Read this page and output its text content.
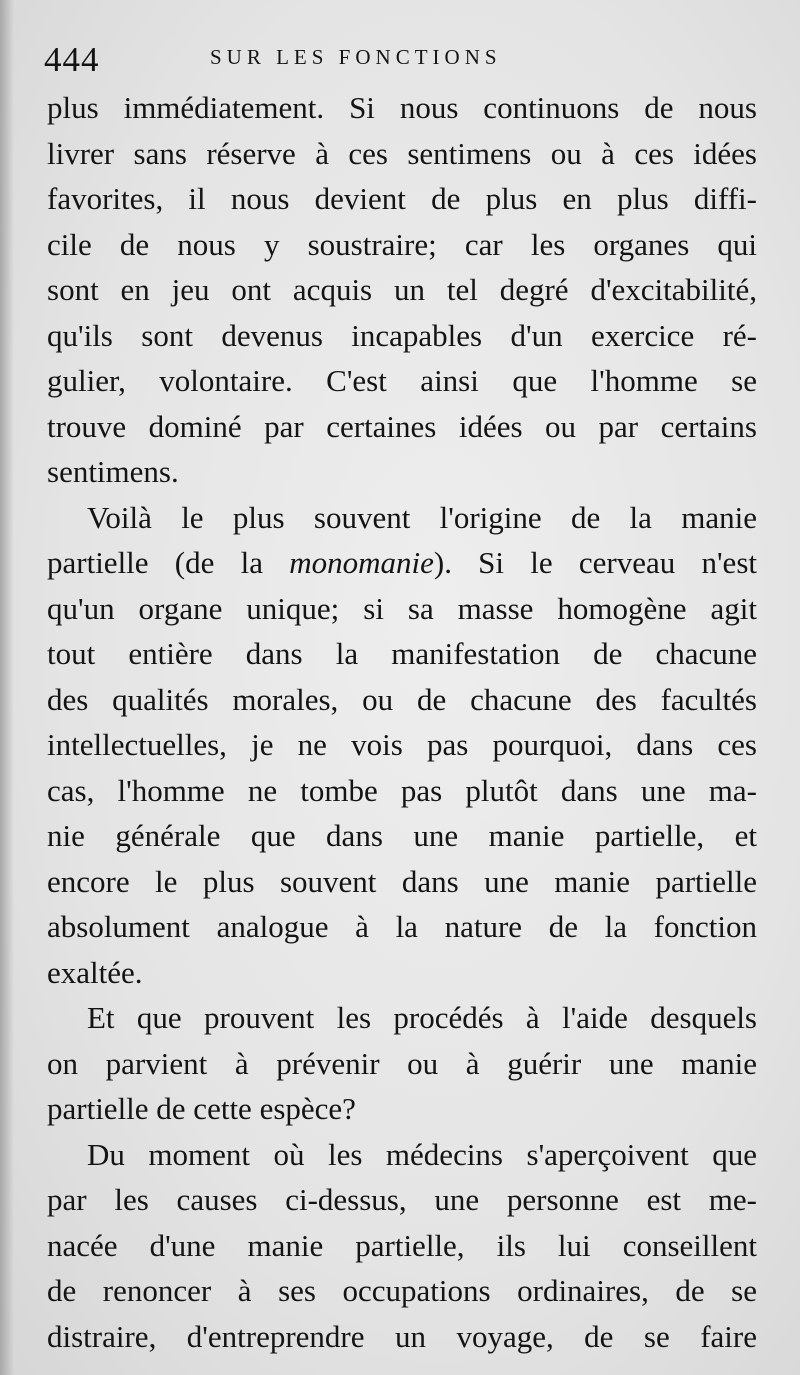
444	SUR LES FONCTIONS
plus immédiatement. Si nous continuons de nous
livrer sans réserve à ces sentimens ou à ces idées
favorites, il nous devient de plus en plus diffi-
cile de nous y soustraire; car les organes qui
sont en jeu ont acquis un tel degré d'excitabilité,
qu'ils sont devenus incapables d'un exercice ré-
gulier, volontaire. C'est ainsi que l'homme se
trouve dominé par certaines idées ou par certains
sentimens.
Voilà le plus souvent l'origine de la manie
partielle (de la monomanie). Si le cerveau n'est
qu'un organe unique; si sa masse homogène agit
tout entière dans la manifestation de chacune
des qualités morales, ou de chacune des facultés
intellectuelles, je ne vois pas pourquoi, dans ces
cas, l'homme ne tombe pas plutôt dans une ma-
nie générale que dans une manie partielle, et
encore le plus souvent dans une manie partielle
absolument analogue à la nature de la fonction
exaltée.
Et que prouvent les procédés à l'aide desquels
on parvient à prévenir ou à guérir une manie
partielle de cette espèce?
Du moment où les médecins s'aperçoivent que
par les causes ci-dessus, une personne est me-
nacée d'une manie partielle, ils lui conseillent
de renoncer à ses occupations ordinaires, de se
distraire, d'entreprendre un voyage, de se faire
